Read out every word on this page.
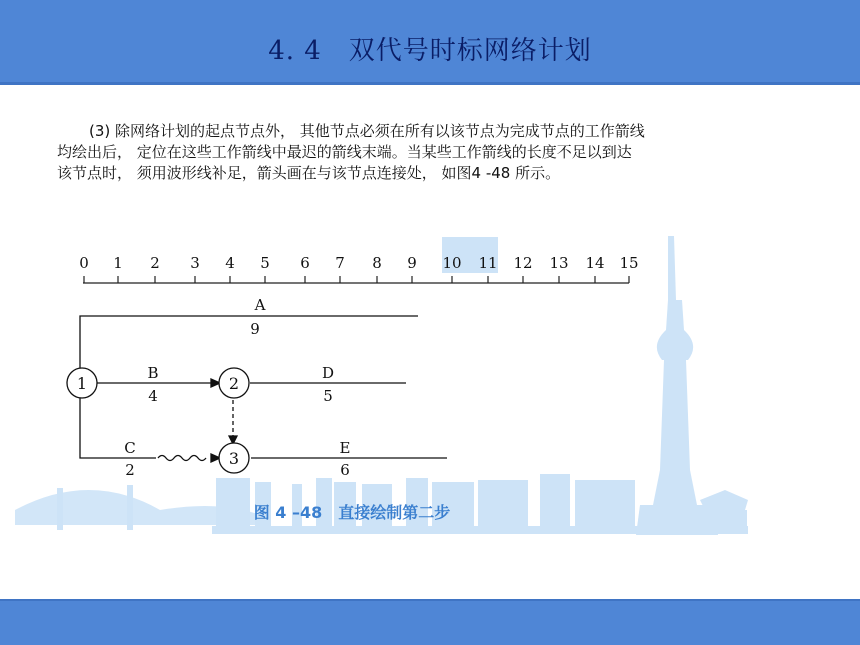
4. 4　双代号时标网络计划
(3) 除网络计划的起点节点外， 其他节点必须在所有以该节点为完成节点的工作箭线
均绘出后， 定位在这些工作箭线中最迟的箭线末端。当某些工作箭线的长度不足以到达
该节点时， 须用波形线补足，箭头画在与该节点连接处， 如图4 -48 所示。
0 1 2 3 4 5 6 7 8 9 10 11 12 13 14 15
1	2
3
A
9
B
4
C
2
D
5
E
6
图 4 –48　直接绘制第二步
